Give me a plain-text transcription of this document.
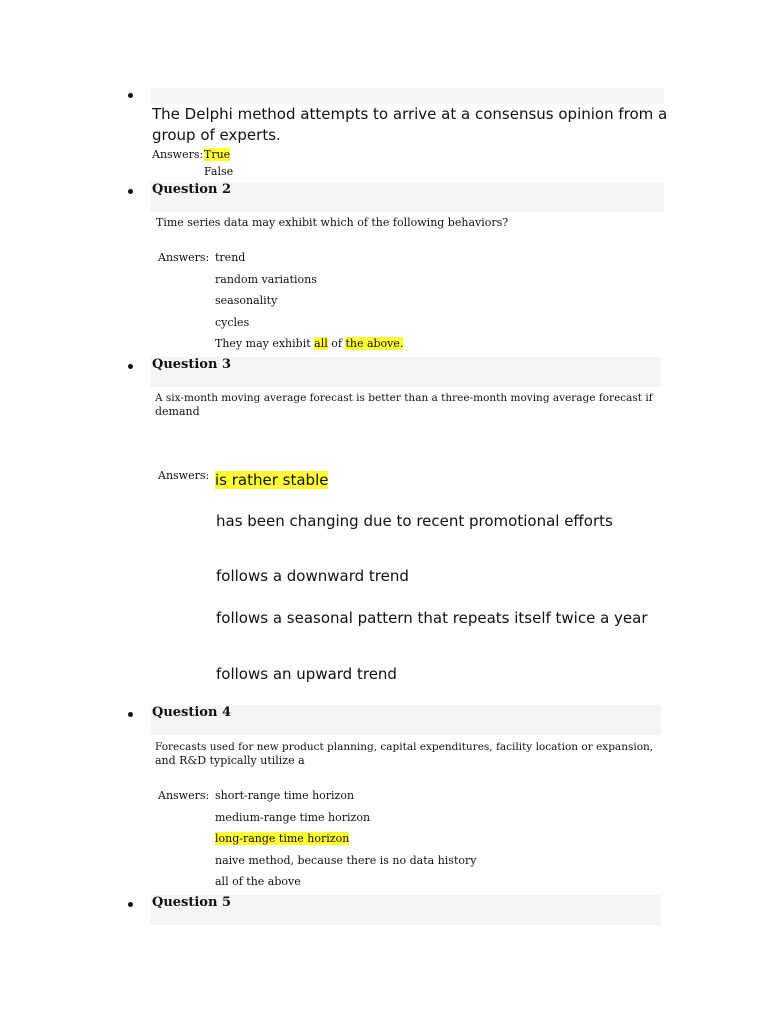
The Delphi method attempts to arrive at a consensus opinion from a
group of experts.
Answers: True
False
Question 2
Time series data may exhibit which of the following behaviors?
Answers: trend
random variations
seasonality
cycles
They may exhibit all of the above.
Question 3
A six-month moving average forecast is better than a three-month moving average forecast if
demand
Answers: is rather stable
has been changing due to recent promotional efforts
follows a downward trend
follows a seasonal pattern that repeats itself twice a year
follows an upward trend
Question 4
Forecasts used for new product planning, capital expenditures, facility location or expansion,
and R&D typically utilize a
Answers: short-range time horizon
medium-range time horizon
long-range time horizon
naive method, because there is no data history
all of the above
Question 5
